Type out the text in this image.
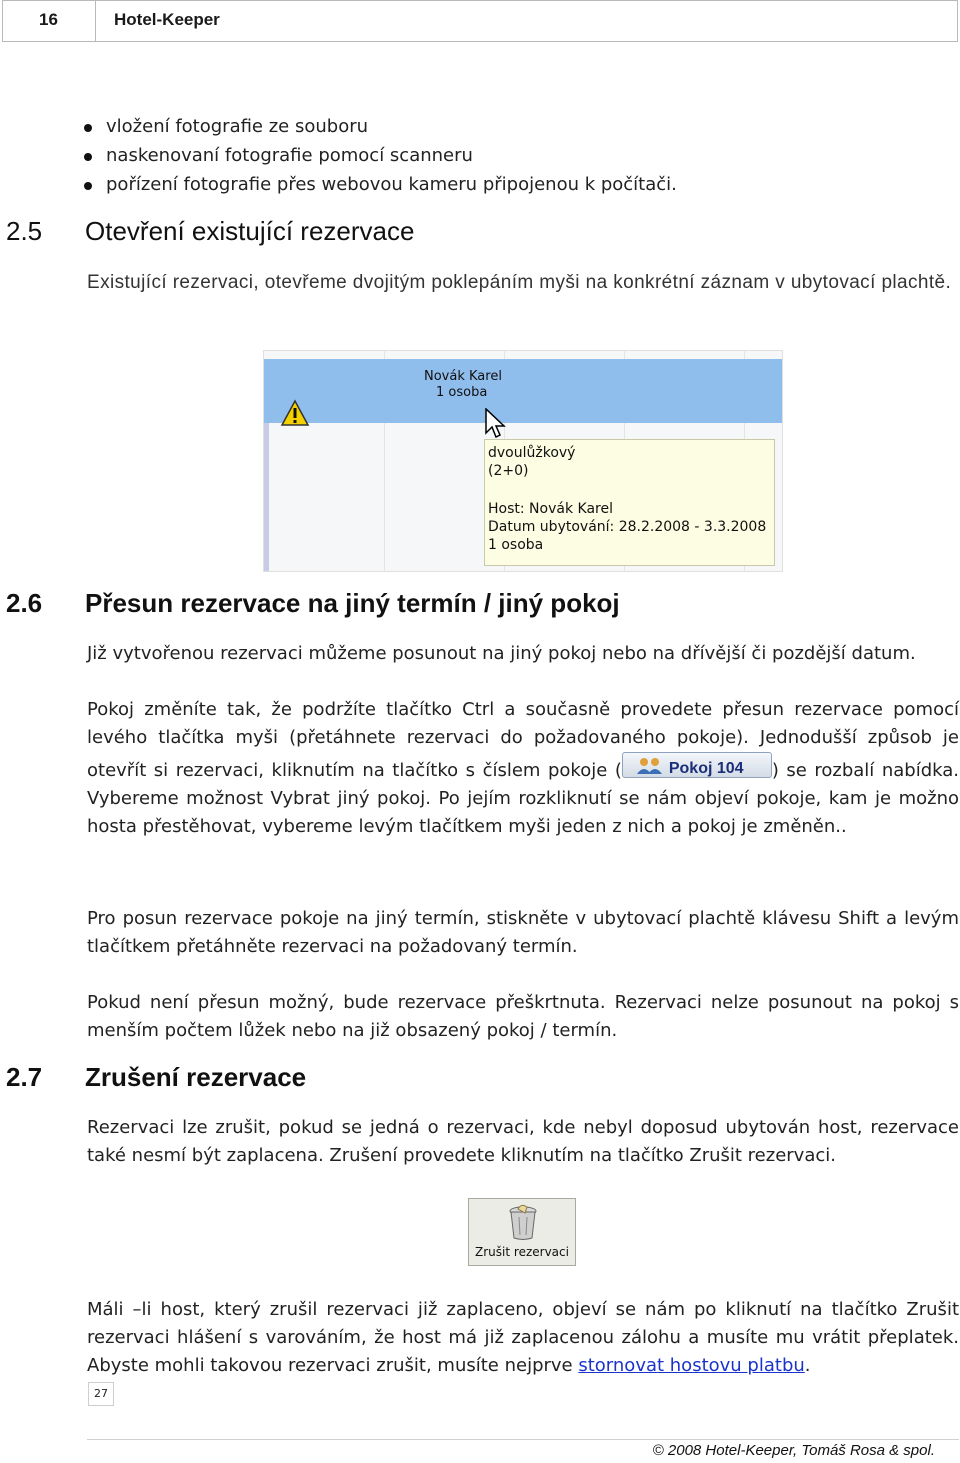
16	Hotel-Keeper
vložení fotografie ze souboru
naskenovaní fotografie pomocí scanneru
pořízení fotografie přes webovou kameru připojenou k počítači.
2.5 Otevření existující rezervace
Existující rezervaci, otevřeme dvojitým poklepáním myši na konkrétní záznam v ubytovací plachtě.
Novák Karel
1 osoba
dvoulůžkový
(2+0)
Host: Novák Karel
Datum ubytování: 28.2.2008 - 3.3.2008
1 osoba
2.6 Přesun rezervace na jiný termín / jiný pokoj
Již vytvořenou rezervaci můžeme posunout na jiný pokoj nebo na dřívější či pozdější datum.
Pokoj změníte tak, že podržíte tlačítko Ctrl a současně provedete přesun rezervace pomocí levého tlačítka myši (přetáhnete rezervaci do požadovaného pokoje). Jednodušší způsob je otevřít si rezervaci, kliknutím na tlačítko s číslem pokoje (	Pokoj 104 ) se rozbalí nabídka. Vybereme možnost Vybrat jiný pokoj. Po jejím rozkliknutí se nám objeví pokoje, kam je možno hosta přestěhovat, vybereme levým tlačítkem myši jeden z nich a pokoj je změněn..
Pro posun rezervace pokoje na jiný termín, stiskněte v ubytovací plachtě klávesu Shift a levým tlačítkem přetáhněte rezervaci na požadovaný termín.
Pokud není přesun možný, bude rezervace přeškrtnuta. Rezervaci nelze posunout na pokoj s menším počtem lůžek nebo na již obsazený pokoj / termín.
2.7 Zrušení rezervace
Rezervaci lze zrušit, pokud se jedná o rezervaci, kde nebyl doposud ubytován host, rezervace také nesmí být zaplacena. Zrušení provedete kliknutím na tlačítko Zrušit rezervaci.
Zrušit rezervaci
Máli –li host, který zrušil rezervaci již zaplaceno, objeví se nám po kliknutí na tlačítko Zrušit rezervaci hlášení s varováním, že host má již zaplacenou zálohu a musíte mu vrátit přeplatek. Abyste mohli takovou rezervaci zrušit, musíte nejprve stornovat hostovu platbu.
27
© 2008 Hotel-Keeper, Tomáš Rosa & spol.
